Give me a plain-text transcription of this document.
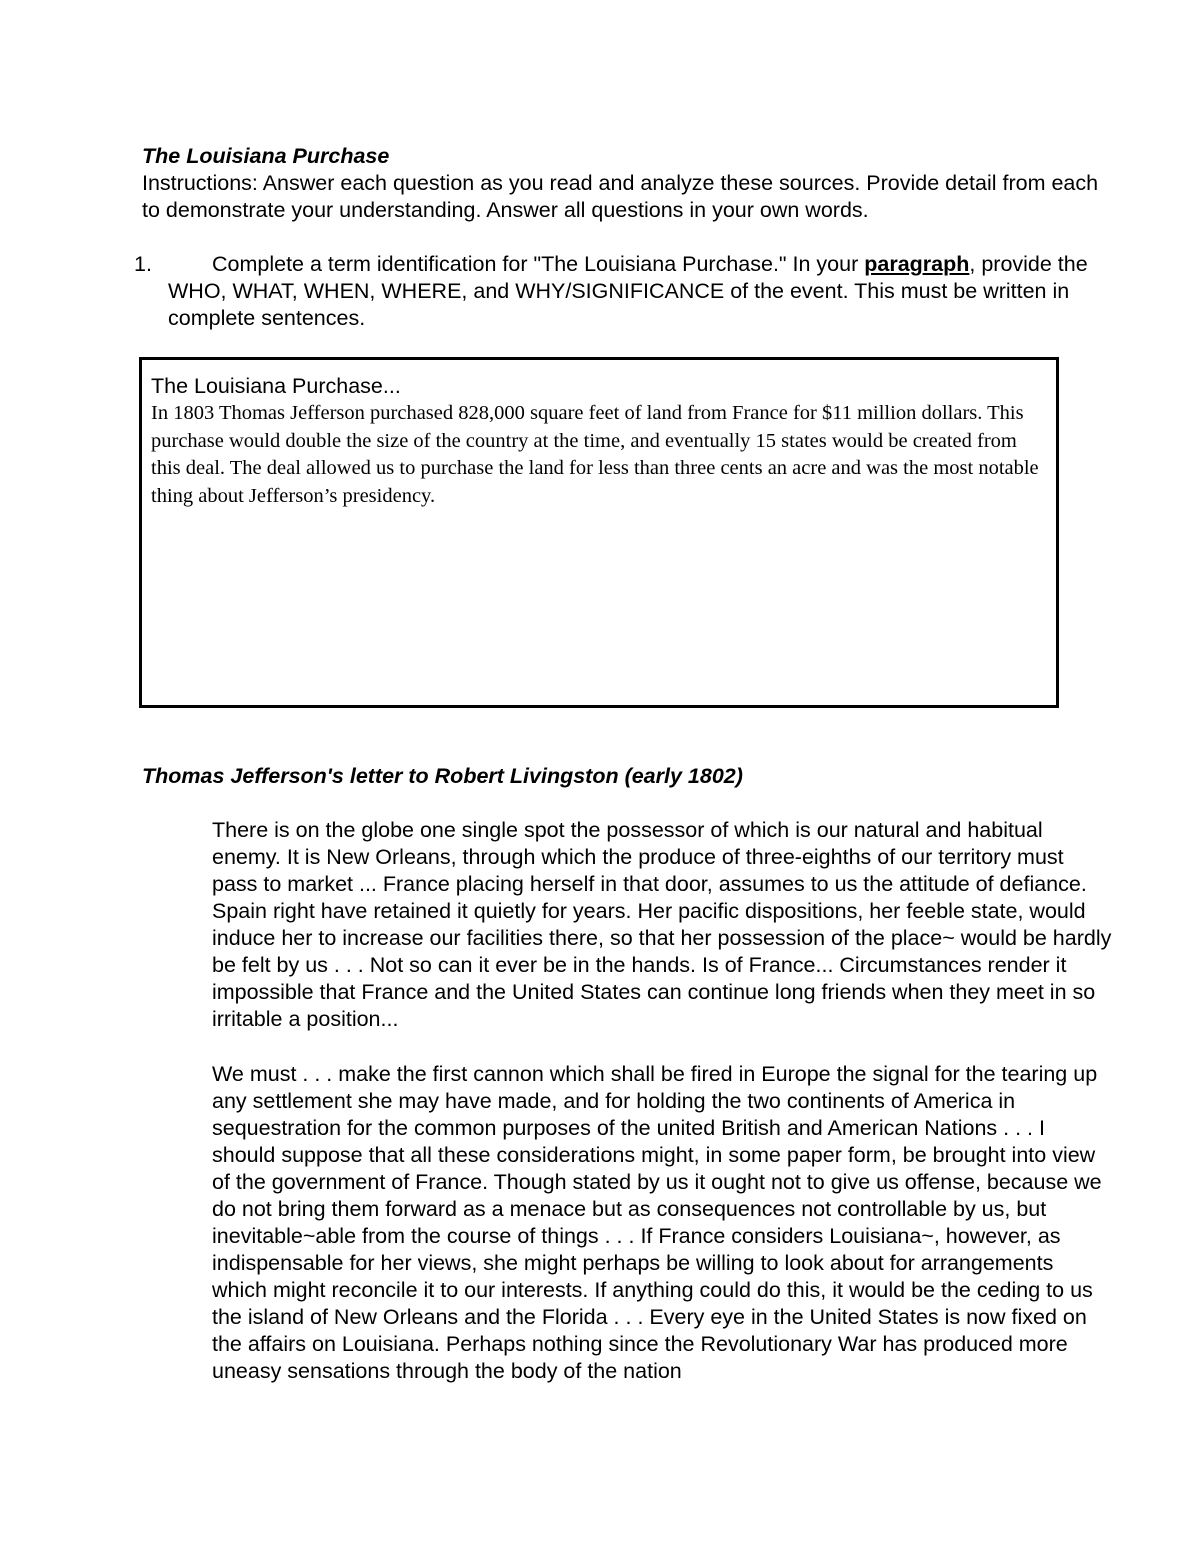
The Louisiana Purchase

Instructions: Answer each question as you read and analyze these sources. Provide detail from each to demonstrate your understanding. Answer all questions in your own words.

1.	Complete a term identification for "The Louisiana Purchase." In your paragraph, provide the WHO, WHAT, WHEN, WHERE, and WHY/SIGNIFICANCE of the event. This must be written in complete sentences.

The Louisiana Purchase...

In 1803 Thomas Jefferson purchased 828,000 square feet of land from France for $11 million dollars. This purchase would double the size of the country at the time, and eventually 15 states would be created from this deal. The deal allowed us to purchase the land for less than three cents an acre and was the most notable thing about Jefferson’s presidency.

Thomas Jefferson's letter to Robert Livingston (early 1802)

There is on the globe one single spot the possessor of which is our natural and habitual enemy. It is New Orleans, through which the produce of three-eighths of our territory must pass to market ... France placing herself in that door, assumes to us the attitude of defiance. Spain right have retained it quietly for years. Her pacific dispositions, her feeble state, would induce her to increase our facilities there, so that her possession of the place~ would be hardly be felt by us . . . Not so can it ever be in the hands. Is of France... Circumstances render it impossible that France and the United States can continue long friends when they meet in so irritable a position...

We must . . . make the first cannon which shall be fired in Europe the signal for the tearing up any settlement she may have made, and for holding the two continents of America in sequestration for the common purposes of the united British and American Nations . . . I should suppose that all these considerations might, in some paper form, be brought into view of the government of France. Though stated by us it ought not to give us offense, because we do not bring them forward as a menace but as consequences not controllable by us, but inevitable~able from the course of things . . . If France considers Louisiana~, however, as indispensable for her views, she might perhaps be willing to look about for arrangements which might reconcile it to our interests. If anything could do this, it would be the ceding to us the island of New Orleans and the Florida . . . Every eye in the United States is now fixed on the affairs on Louisiana. Perhaps nothing since the Revolutionary War has produced more uneasy sensations through the body of the nation
